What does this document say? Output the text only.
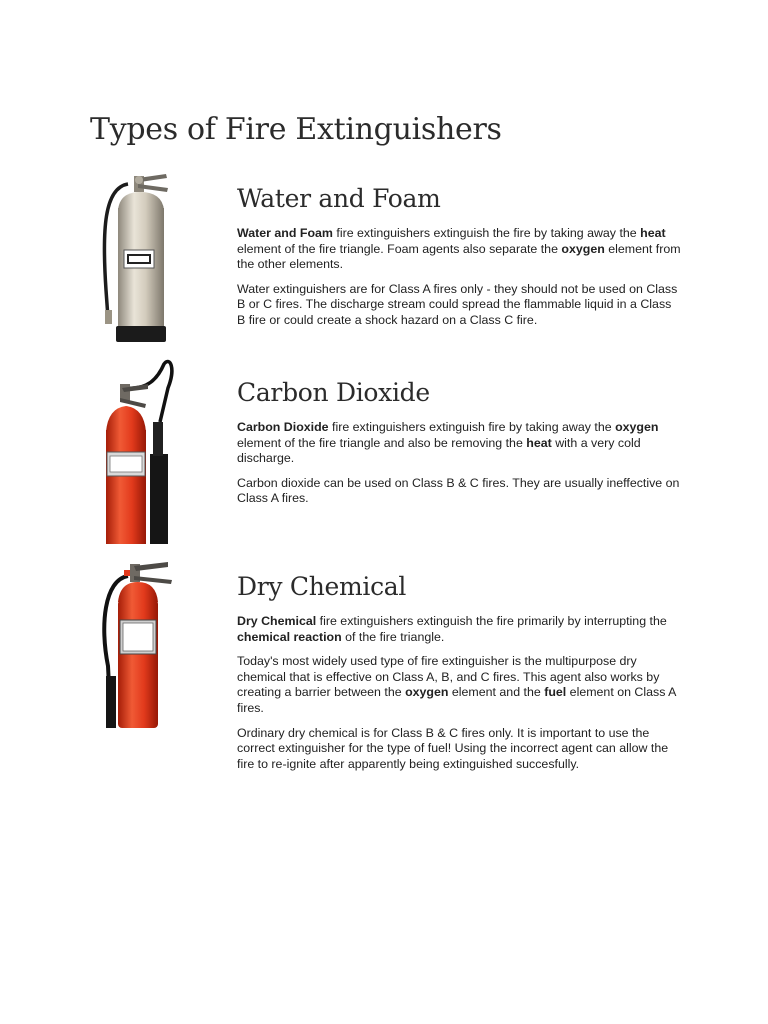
Types of Fire Extinguishers
Water and Foam

Water and Foam fire extinguishers extinguish the fire by taking away the heat element of the fire triangle. Foam agents also separate the oxygen element from the other elements.

Water extinguishers are for Class A fires only - they should not be used on Class B or C fires. The discharge stream could spread the flammable liquid in a Class B fire or could create a shock hazard on a Class C fire.

Carbon Dioxide

Carbon Dioxide fire extinguishers extinguish fire by taking away the oxygen element of the fire triangle and also be removing the heat with a very cold discharge.

Carbon dioxide can be used on Class B & C fires. They are usually ineffective on Class A fires.

Dry Chemical

Dry Chemical fire extinguishers extinguish the fire primarily by interrupting the chemical reaction of the fire triangle.

Today's most widely used type of fire extinguisher is the multipurpose dry chemical that is effective on Class A, B, and C fires. This agent also works by creating a barrier between the oxygen element and the fuel element on Class A fires.

Ordinary dry chemical is for Class B & C fires only. It is important to use the correct extinguisher for the type of fuel! Using the incorrect agent can allow the fire to re-ignite after apparently being extinguished succesfully.
